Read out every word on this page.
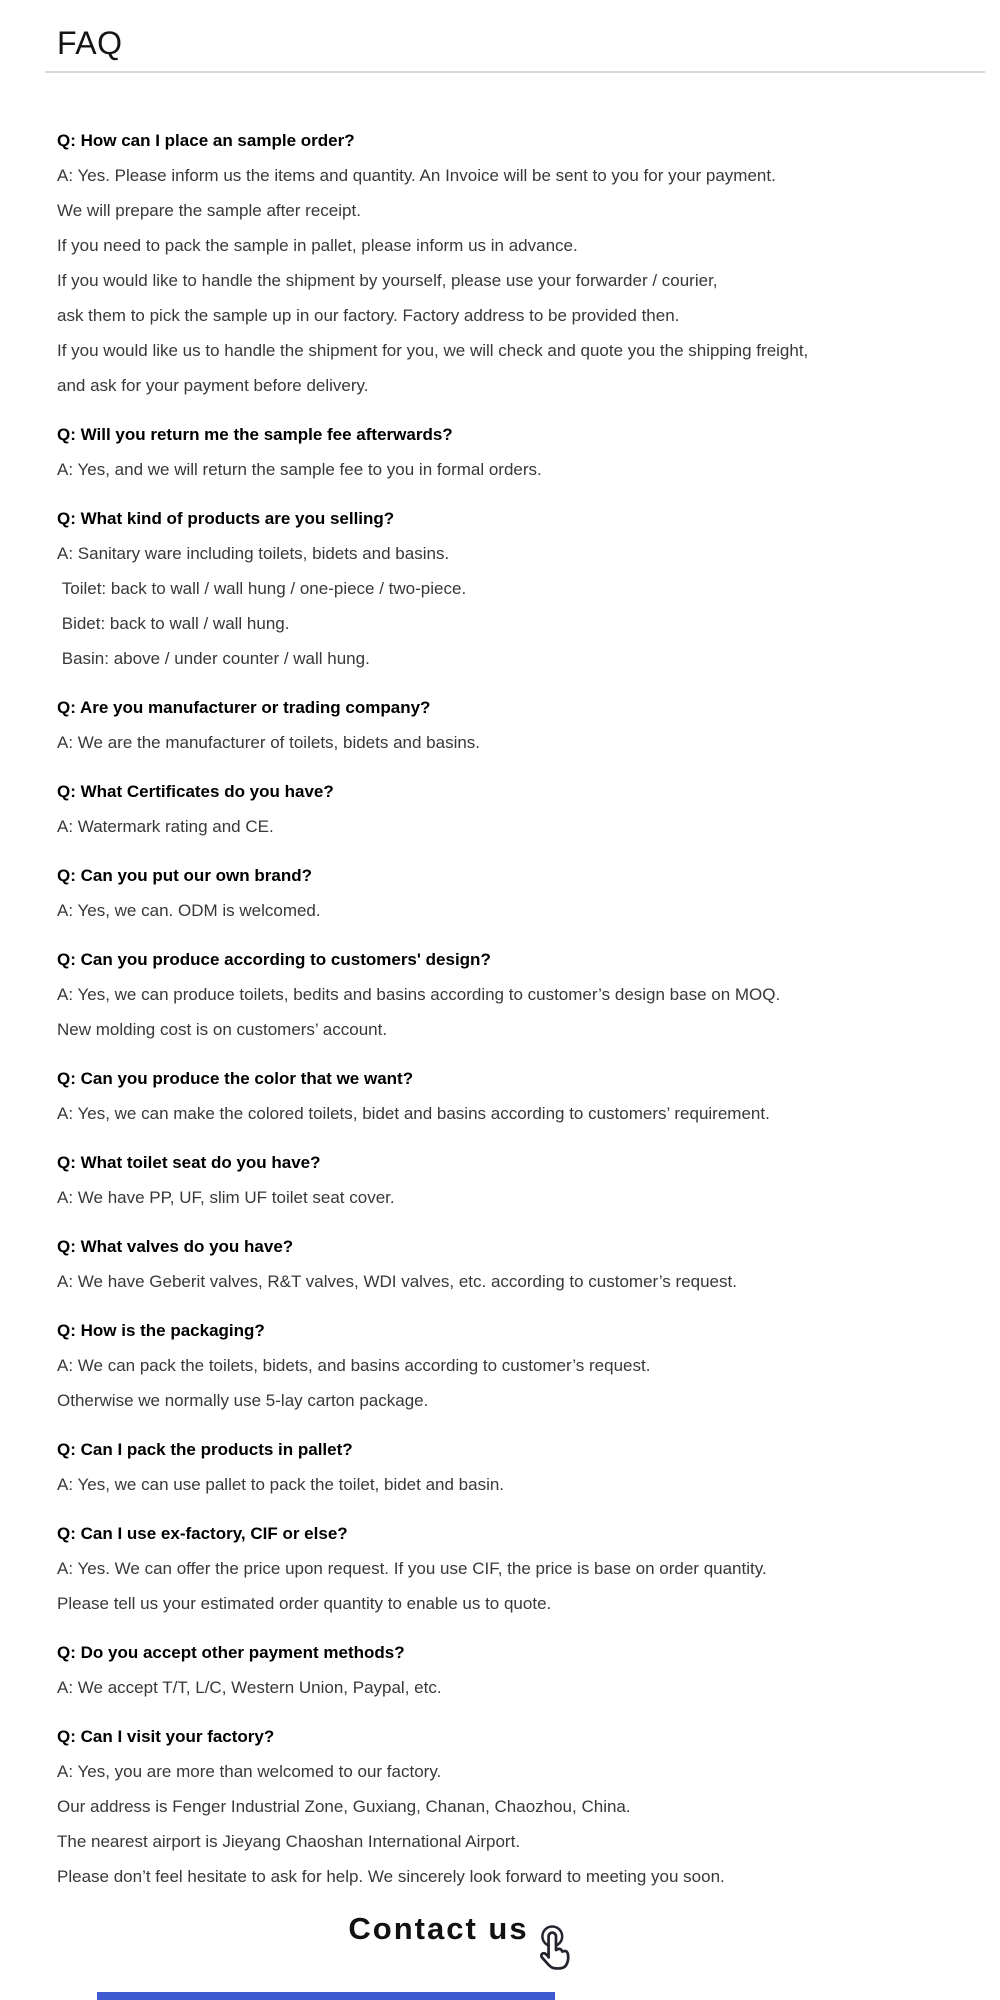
FAQ

Q: How can I place an sample order?

A: Yes. Please inform us the items and quantity. An Invoice will be sent to you for your payment.

We will prepare the sample after receipt.

If you need to pack the sample in pallet, please inform us in advance.

If you would like to handle the shipment by yourself, please use your forwarder / courier,

ask them to pick the sample up in our factory. Factory address to be provided then.

If you would like us to handle the shipment for you, we will check and quote you the shipping freight,

and ask for your payment before delivery.

Q: Will you return me the sample fee afterwards?

A: Yes, and we will return the sample fee to you in formal orders.

Q: What kind of products are you selling?

A: Sanitary ware including toilets, bidets and basins.

Toilet: back to wall / wall hung / one-piece / two-piece.

Bidet: back to wall / wall hung.

Basin: above / under counter / wall hung.

Q: Are you manufacturer or trading company?

A: We are the manufacturer of toilets, bidets and basins.

Q: What Certificates do you have?

A: Watermark rating and CE.

Q: Can you put our own brand?

A: Yes, we can. ODM is welcomed.

Q: Can you produce according to customers' design?

A: Yes, we can produce toilets, bedits and basins according to customer’s design base on MOQ.

New molding cost is on customers’ account.

Q: Can you produce the color that we want?

A: Yes, we can make the colored toilets, bidet and basins according to customers’ requirement.

Q: What toilet seat do you have?

A: We have PP, UF, slim UF toilet seat cover.

Q: What valves do you have?

A: We have Geberit valves, R&T valves, WDI valves, etc. according to customer’s request.

Q: How is the packaging?

A: We can pack the toilets, bidets, and basins according to customer’s request.

Otherwise we normally use 5-lay carton package.

Q: Can I pack the products in pallet?

A: Yes, we can use pallet to pack the toilet, bidet and basin.

Q: Can I use ex-factory, CIF or else?

A: Yes. We can offer the price upon request. If you use CIF, the price is base on order quantity.

Please tell us your estimated order quantity to enable us to quote.

Q: Do you accept other payment methods?

A: We accept T/T, L/C, Western Union, Paypal, etc.

Q: Can I visit your factory?

A: Yes, you are more than welcomed to our factory.

Our address is Fenger Industrial Zone, Guxiang, Chanan, Chaozhou, China.

The nearest airport is Jieyang Chaoshan International Airport.

Please don’t feel hesitate to ask for help. We sincerely look forward to meeting you soon.

Contact us
